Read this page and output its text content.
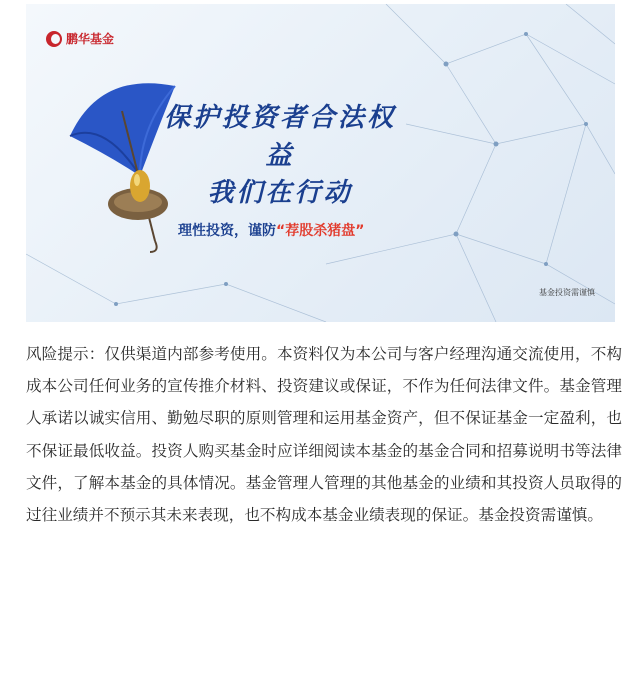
鹏华基金
保护投资者合法权益
我们在行动
理性投资，谨防“荐股杀猪盘”
基金投资需谨慎

风险提示：仅供渠道内部参考使用。本资料仅为本公司与客户经理沟通交流使用，不构成本公司任何业务的宣传推介材料、投资建议或保证，不作为任何法律文件。基金管理人承诺以诚实信用、勤勉尽职的原则管理和运用基金资产，但不保证基金一定盈利，也不保证最低收益。投资人购买基金时应详细阅读本基金的基金合同和招募说明书等法律文件，了解本基金的具体情况。基金管理人管理的其他基金的业绩和其投资人员取得的过往业绩并不预示其未来表现，也不构成本基金业绩表现的保证。基金投资需谨慎。
